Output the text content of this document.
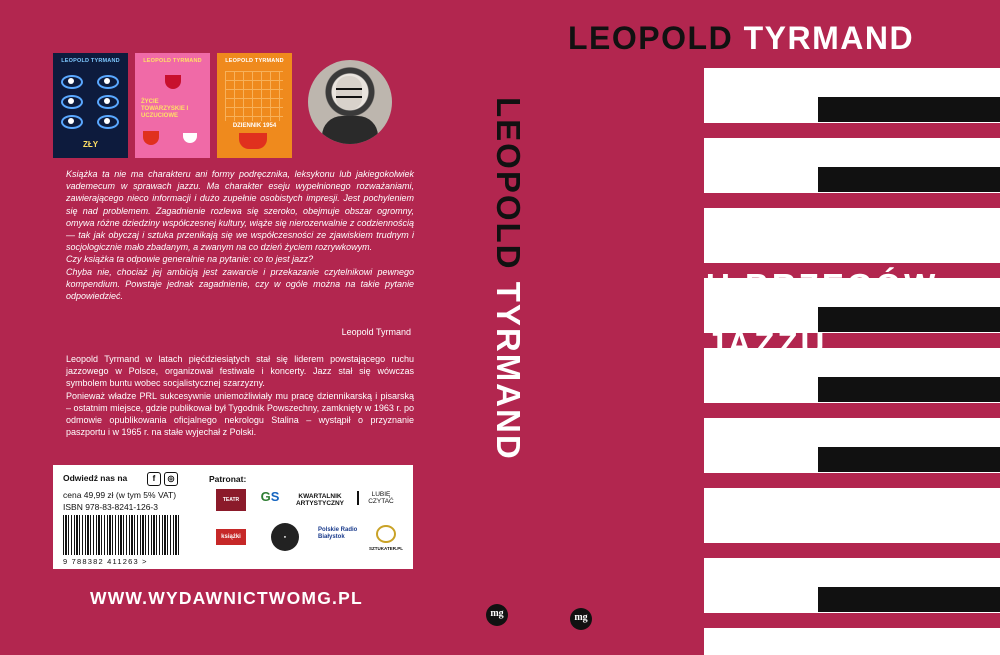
LEOPOLD TYRMAND
ZŁY
LEOPOLD TYRMAND
ŻYCIE TOWARZYSKIE I UCZUCIOWE
LEOPOLD TYRMAND
DZIENNIK 1954

Książka ta nie ma charakteru ani formy podręcznika, leksykonu lub jakiegokolwiek vademecum w sprawach jazzu. Ma charakter eseju wypełnionego rozważaniami, zawierającego nieco informacji i dużo zupełnie osobistych impresji. Jest pochyleniem się nad problemem. Zagadnienie rozlewa się szeroko, obejmuje obszar ogromny, omywa różne dziedziny współczesnej kultury, wiąże się nierozerwalnie z codziennością — tak jak obyczaj i sztuka przenikają się we współczesności ze zjawiskiem trudnym i socjologicznie mało zbadanym, a zwanym na co dzień życiem rozrywkowym.

Czy książka ta odpowie generalnie na pytanie: co to jest jazz?

Chyba nie, chociaż jej ambicją jest zawarcie i przekazanie czytelnikowi pewnego kompendium. Powstaje jednak zagadnienie, czy w ogóle można na takie pytanie odpowiedzieć.

Leopold Tyrmand

Leopold Tyrmand w latach pięćdziesiątych stał się liderem powstającego ruchu jazzowego w Polsce, organizował festiwale i koncerty. Jazz stał się wówczas symbolem buntu wobec socjalistycznej szarzyzny.

Ponieważ władze PRL sukcesywnie uniemożliwiały mu pracę dziennikarską i pisarską – ostatnim miejsce, gdzie publikował był Tygodnik Powszechny, zamknięty w 1963 r. po odmowie opublikowania oficjalnego nekrologu Stalina – wystąpił o przyznanie paszportu i w 1965 r. na stałe wyjechał z Polski.

Odwiedź nas na	f	◎
cena 49,99 zł (w tym 5% VAT)
ISBN 978-83-8241-126-3
9 788382 411263 >
Patronat:
TEATR	GS	KWARTALNIK ARTYSTYCZNY
LUBIĘ CZYTAĆ
książki	●
Polskie Radio Białystok
SZTUKATER.PL
WWW.WYDAWNICTWOMG.PL
LEOPOLD TYRMAND
mg
LEOPOLD TYRMAND
U BRZEGÓW
JAZZU
mg
